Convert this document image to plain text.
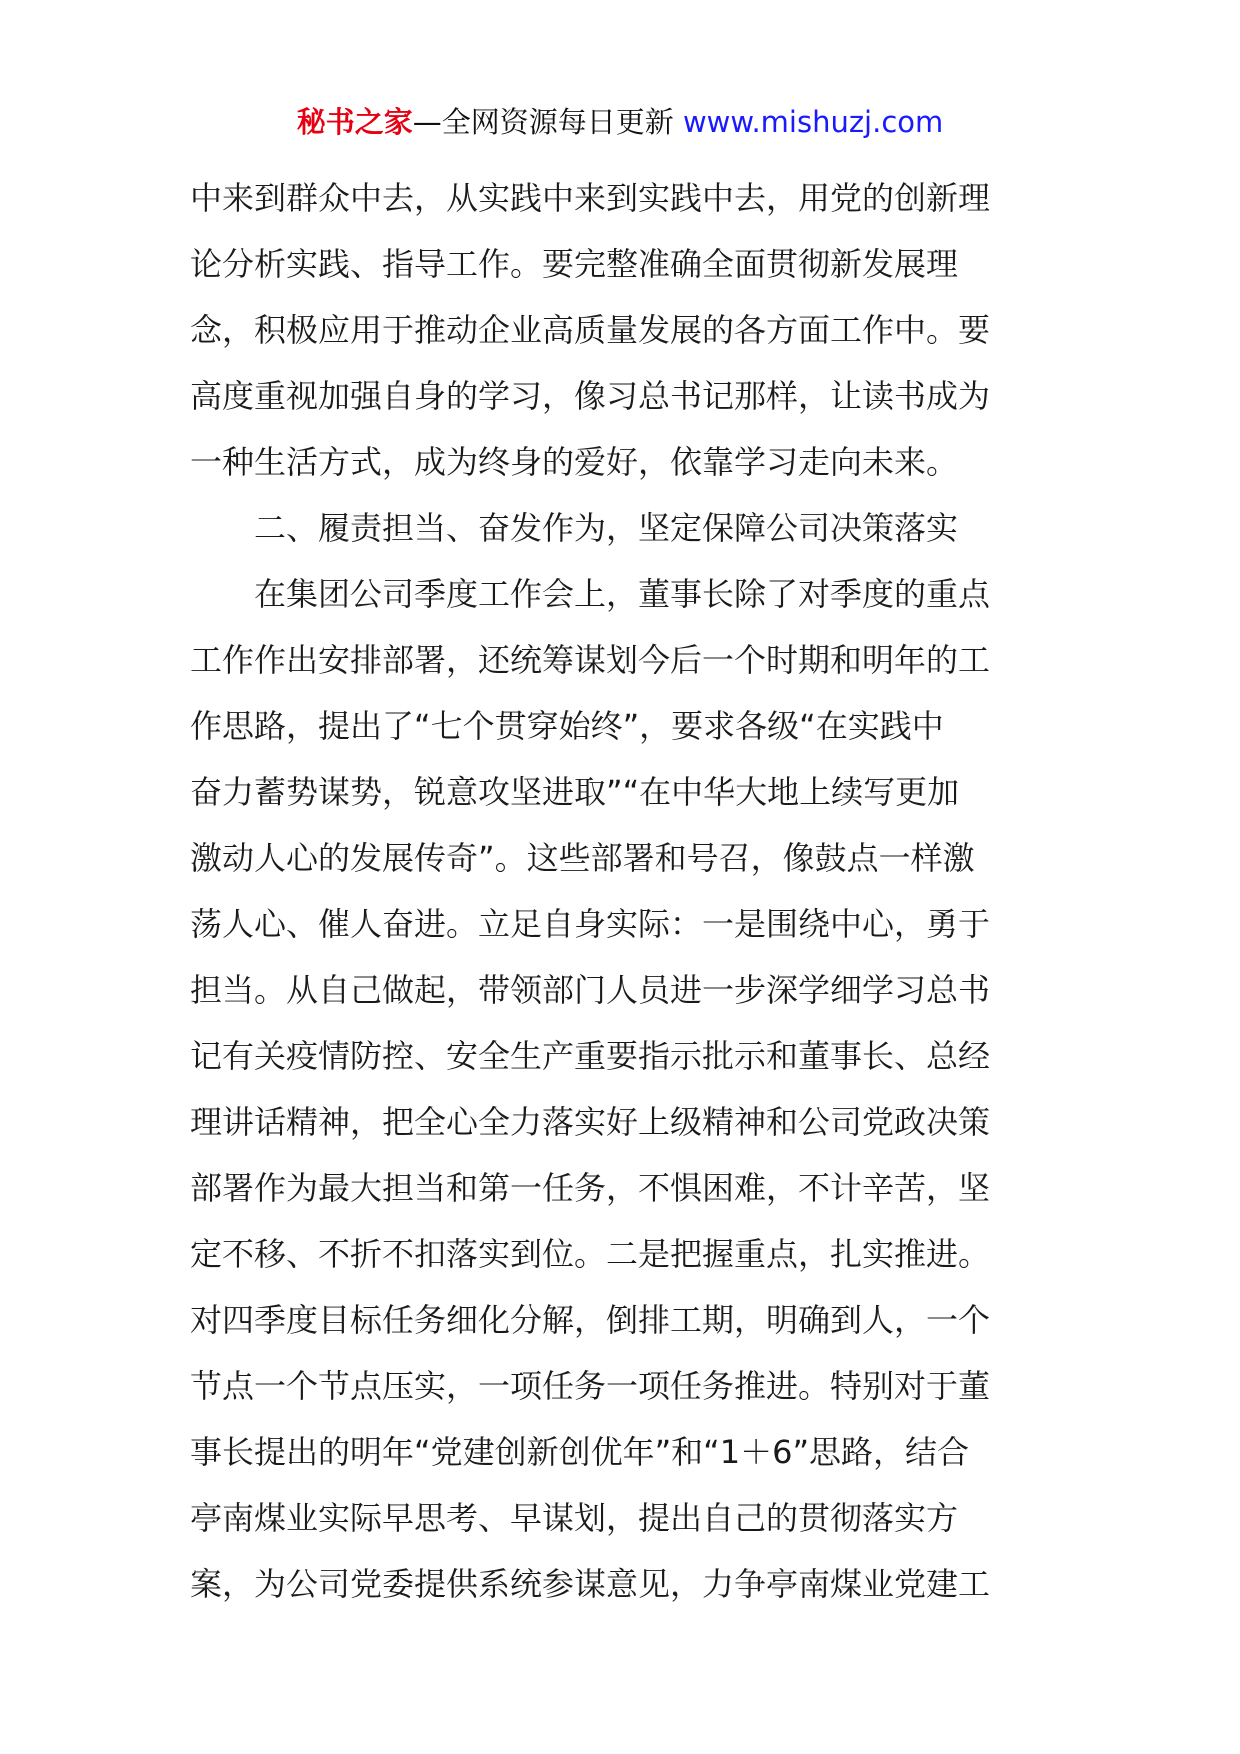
秘书之家—全网资源每日更新 www.mishuzj.com
中来到群众中去，从实践中来到实践中去，用党的创新理
论分析实践、指导工作。要完整准确全面贯彻新发展理
念，积极应用于推动企业高质量发展的各方面工作中。要
高度重视加强自身的学习，像习总书记那样，让读书成为
一种生活方式，成为终身的爱好，依靠学习走向未来。
二、履责担当、奋发作为，坚定保障公司决策落实
在集团公司季度工作会上，董事长除了对季度的重点
工作作出安排部署，还统筹谋划今后一个时期和明年的工
作思路，提出了“七个贯穿始终”，要求各级“在实践中
奋力蓄势谋势，锐意攻坚进取”“在中华大地上续写更加
激动人心的发展传奇”。这些部署和号召，像鼓点一样激
荡人心、催人奋进。立足自身实际：一是围绕中心，勇于
担当。从自己做起，带领部门人员进一步深学细学习总书
记有关疫情防控、安全生产重要指示批示和董事长、总经
理讲话精神，把全心全力落实好上级精神和公司党政决策
部署作为最大担当和第一任务，不惧困难，不计辛苦，坚
定不移、不折不扣落实到位。二是把握重点，扎实推进。
对四季度目标任务细化分解，倒排工期，明确到人，一个
节点一个节点压实，一项任务一项任务推进。特别对于董
事长提出的明年“党建创新创优年”和“1＋6”思路，结合
亭南煤业实际早思考、早谋划，提出自己的贯彻落实方
案，为公司党委提供系统参谋意见，力争亭南煤业党建工
